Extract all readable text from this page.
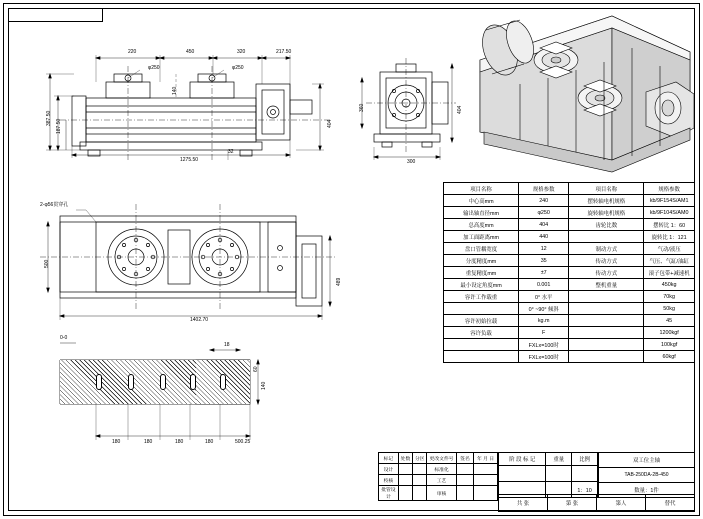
220	450	320	217.50
1275.50
32
φ250	φ250
387.50
187.50	404
140
300
360	404
1402.70
489
500
2-φ56贯穿孔
0-0
180	180	180	180	500.25
18
140
60
项目名称	规格参数	项目名称	规格参数
中心高mm	240	摆转轴电机规格	kb/9F154S/AM1
输出轴直径mm	φ250	旋转轴电机规格	kb/9F104S/AM0
总高度mm	404	齿轮比数	摆转比 1：60
加工面距离mm	440		旋转比 1：121
盘口管耦宽度	12	制动方式	气动/液压
分度精度mm	35	传动方式	气压、气缸/油缸
重复精度mm	±7	传动方式	滚子包带+减速机
最小设定角度mm	0.001	整机重量	450kg
容许工作载重	0° 水平		70kg
	0° ~90° 倾斜		50kg
容许初始拉载	kg.m		45
容许负载	F		1200kgf
	FXLx=100时		100kgf
	FXLx=100时		60kgf
标记	处数	分区	更改文件号	签名	年 月 日
设计			标准化		
校核			工艺		
批管设计			审核		
阶 段 标 记	重量	比例

		1：10
双工位主轴
TAB-250DA-2B-450
数量：1件
共 张	第 张	第人	替代
